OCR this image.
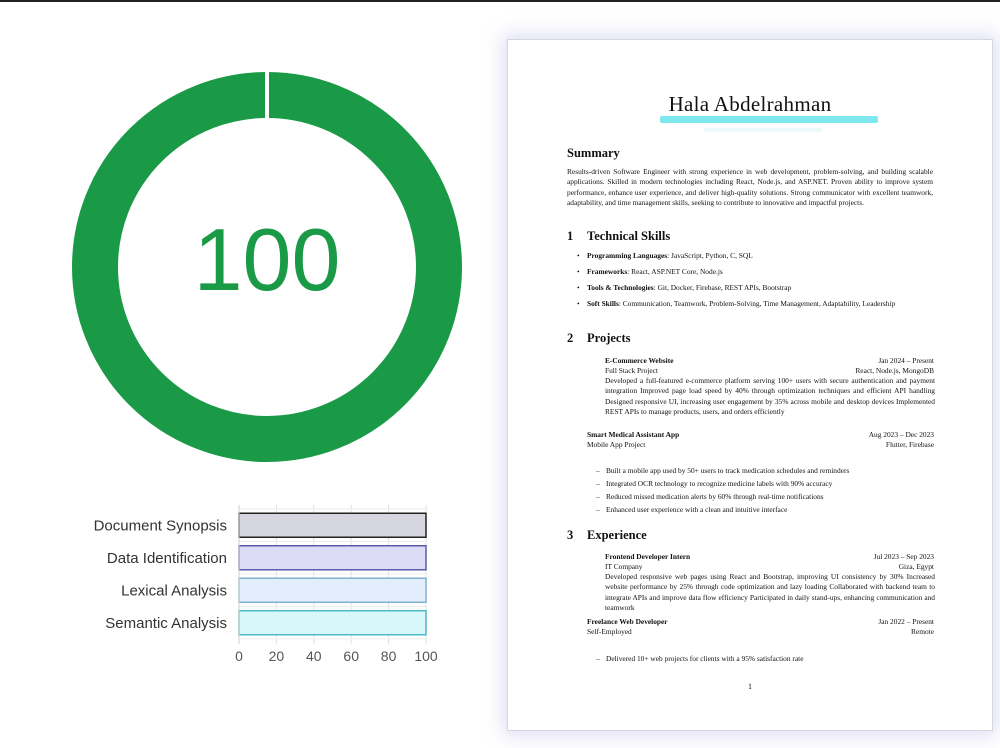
100
0 20 40 60 80 100
Document Synopsis
Data Identification
Lexical Analysis
Semantic Analysis
Hala Abdelrahman
Summary
Results-driven Software Engineer with strong experience in web development, problem-solving, and building scalable applications. Skilled in modern technologies including React, Node.js, and ASP.NET. Proven ability to improve system performance, enhance user experience, and deliver high-quality solutions. Strong communicator with excellent teamwork, adaptability, and time management skills, seeking to contribute to innovative and impactful projects.
1 Technical Skills
•	Programming Languages: JavaScript, Python, C, SQL
•	Frameworks: React, ASP.NET Core, Node.js
•	Tools & Technologies: Git, Docker, Firebase, REST APIs, Bootstrap
•	Soft Skills: Communication, Teamwork, Problem-Solving, Time Management, Adaptability, Leadership
2 Projects
E-Commerce Website	Jan 2024 – Present
Full Stack Project	React, Node.js, MongoDB
Developed a full-featured e-commerce platform serving 100+ users with secure authentication and payment integration Improved page load speed by 40% through optimization techniques and efficient API handling Designed responsive UI, increasing user engagement by 35% across mobile and desktop devices Implemented REST APIs to manage products, users, and orders efficiently
Smart Medical Assistant App	Aug 2023 – Dec 2023
Mobile App Project	Flutter, Firebase
– Built a mobile app used by 50+ users to track medication schedules and reminders
– Integrated OCR technology to recognize medicine labels with 90% accuracy
– Reduced missed medication alerts by 60% through real-time notifications
– Enhanced user experience with a clean and intuitive interface
3 Experience
Frontend Developer Intern	Jul 2023 – Sep 2023
IT Company	Giza, Egypt
Developed responsive web pages using React and Bootstrap, improving UI consistency by 30% Increased website performance by 25% through code optimization and lazy loading Collaborated with backend team to integrate APIs and improve data flow efficiency Participated in daily stand-ups, enhancing communication and teamwork
Freelance Web Developer	Jan 2022 – Present
Self-Employed	Remote
– Delivered 10+ web projects for clients with a 95% satisfaction rate
1
